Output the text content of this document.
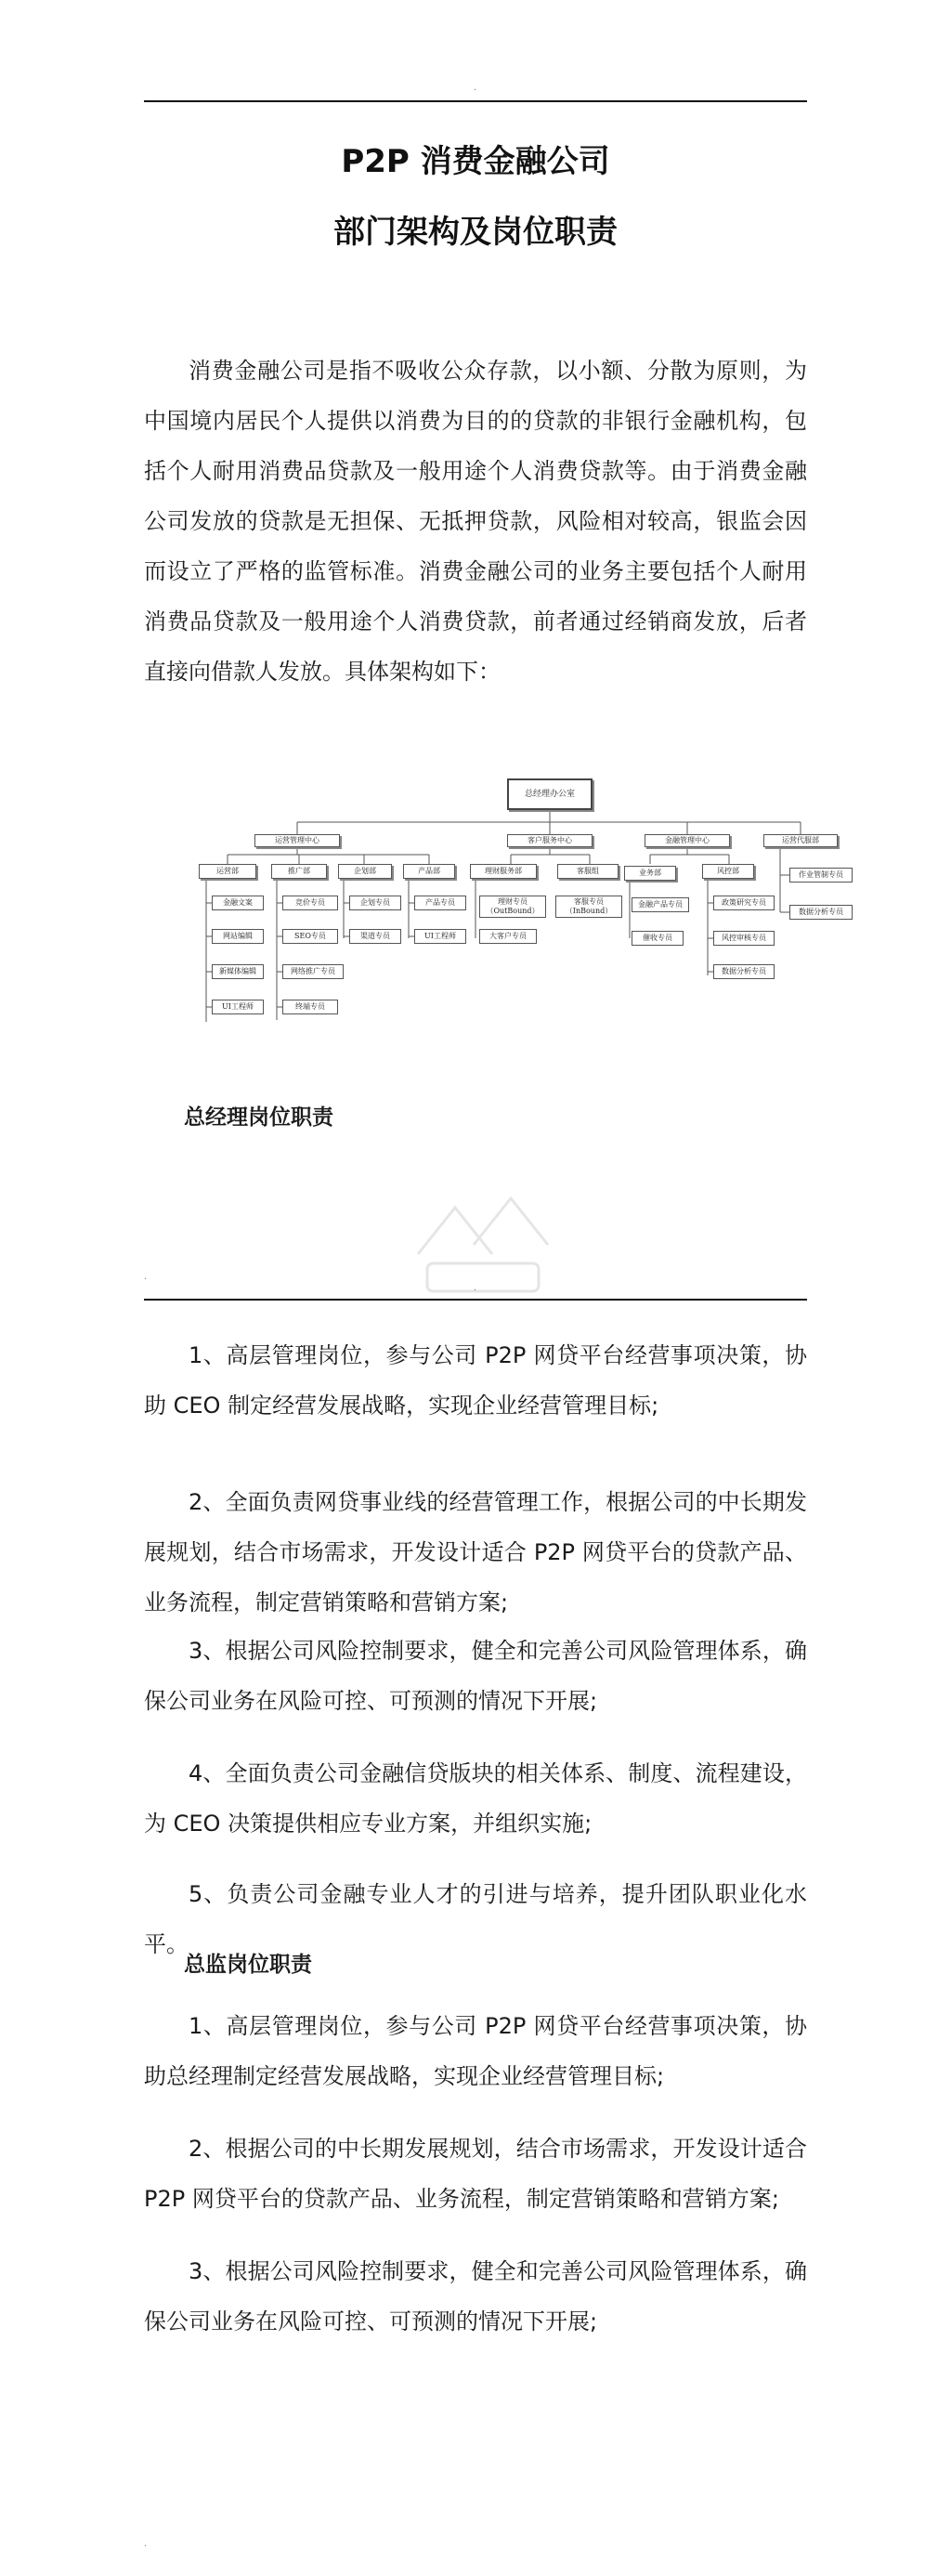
·
P2P 消费金融公司
部门架构及岗位职责

消费金融公司是指不吸收公众存款，以小额、分散为原则，为中国境内居民个人提供以消费为目的的贷款的非银行金融机构，包括个人耐用消费品贷款及一般用途个人消费贷款等。由于消费金融公司发放的贷款是无担保、无抵押贷款，风险相对较高，银监会因而设立了严格的监管标准。消费金融公司的业务主要包括个人耐用消费品贷款及一般用途个人消费贷款，前者通过经销商发放，后者直接向借款人发放。具体架构如下：

总经理办公室
运营管理中心	客户服务中心	金融管理中心	运营代服部
运营部	推广部	企划部	产品部	理财服务部	客服组	业务部	风控部
金融文案
网站编辑
新媒体编辑
UI工程师
竞价专员
SEO专员
网络推广专员
终端专员
企划专员
渠道专员
产品专员
UI工程师
理财专员（OutBound）
大客户专员
客服专员（InBound）
金融产品专员
催收专员
政策研究专员
风控审核专员
数据分析专员
作业管制专员
数据分析专员
总经理岗位职责
·
·

1、高层管理岗位，参与公司 P2P 网贷平台经营事项决策，协助 CEO 制定经营发展战略，实现企业经营管理目标;

2、全面负责网贷事业线的经营管理工作，根据公司的中长期发展规划，结合市场需求，开发设计适合 P2P 网贷平台的贷款产品、业务流程，制定营销策略和营销方案;

3、根据公司风险控制要求，健全和完善公司风险管理体系，确保公司业务在风险可控、可预测的情况下开展;

4、全面负责公司金融信贷版块的相关体系、制度、流程建设，为 CEO 决策提供相应专业方案，并组织实施;

5、负责公司金融专业人才的引进与培养，提升团队职业化水平。

总监岗位职责

1、高层管理岗位，参与公司 P2P 网贷平台经营事项决策，协助总经理制定经营发展战略，实现企业经营管理目标;

2、根据公司的中长期发展规划，结合市场需求，开发设计适合 P2P 网贷平台的贷款产品、业务流程，制定营销策略和营销方案;

3、根据公司风险控制要求，健全和完善公司风险管理体系，确保公司业务在风险可控、可预测的情况下开展;

·
